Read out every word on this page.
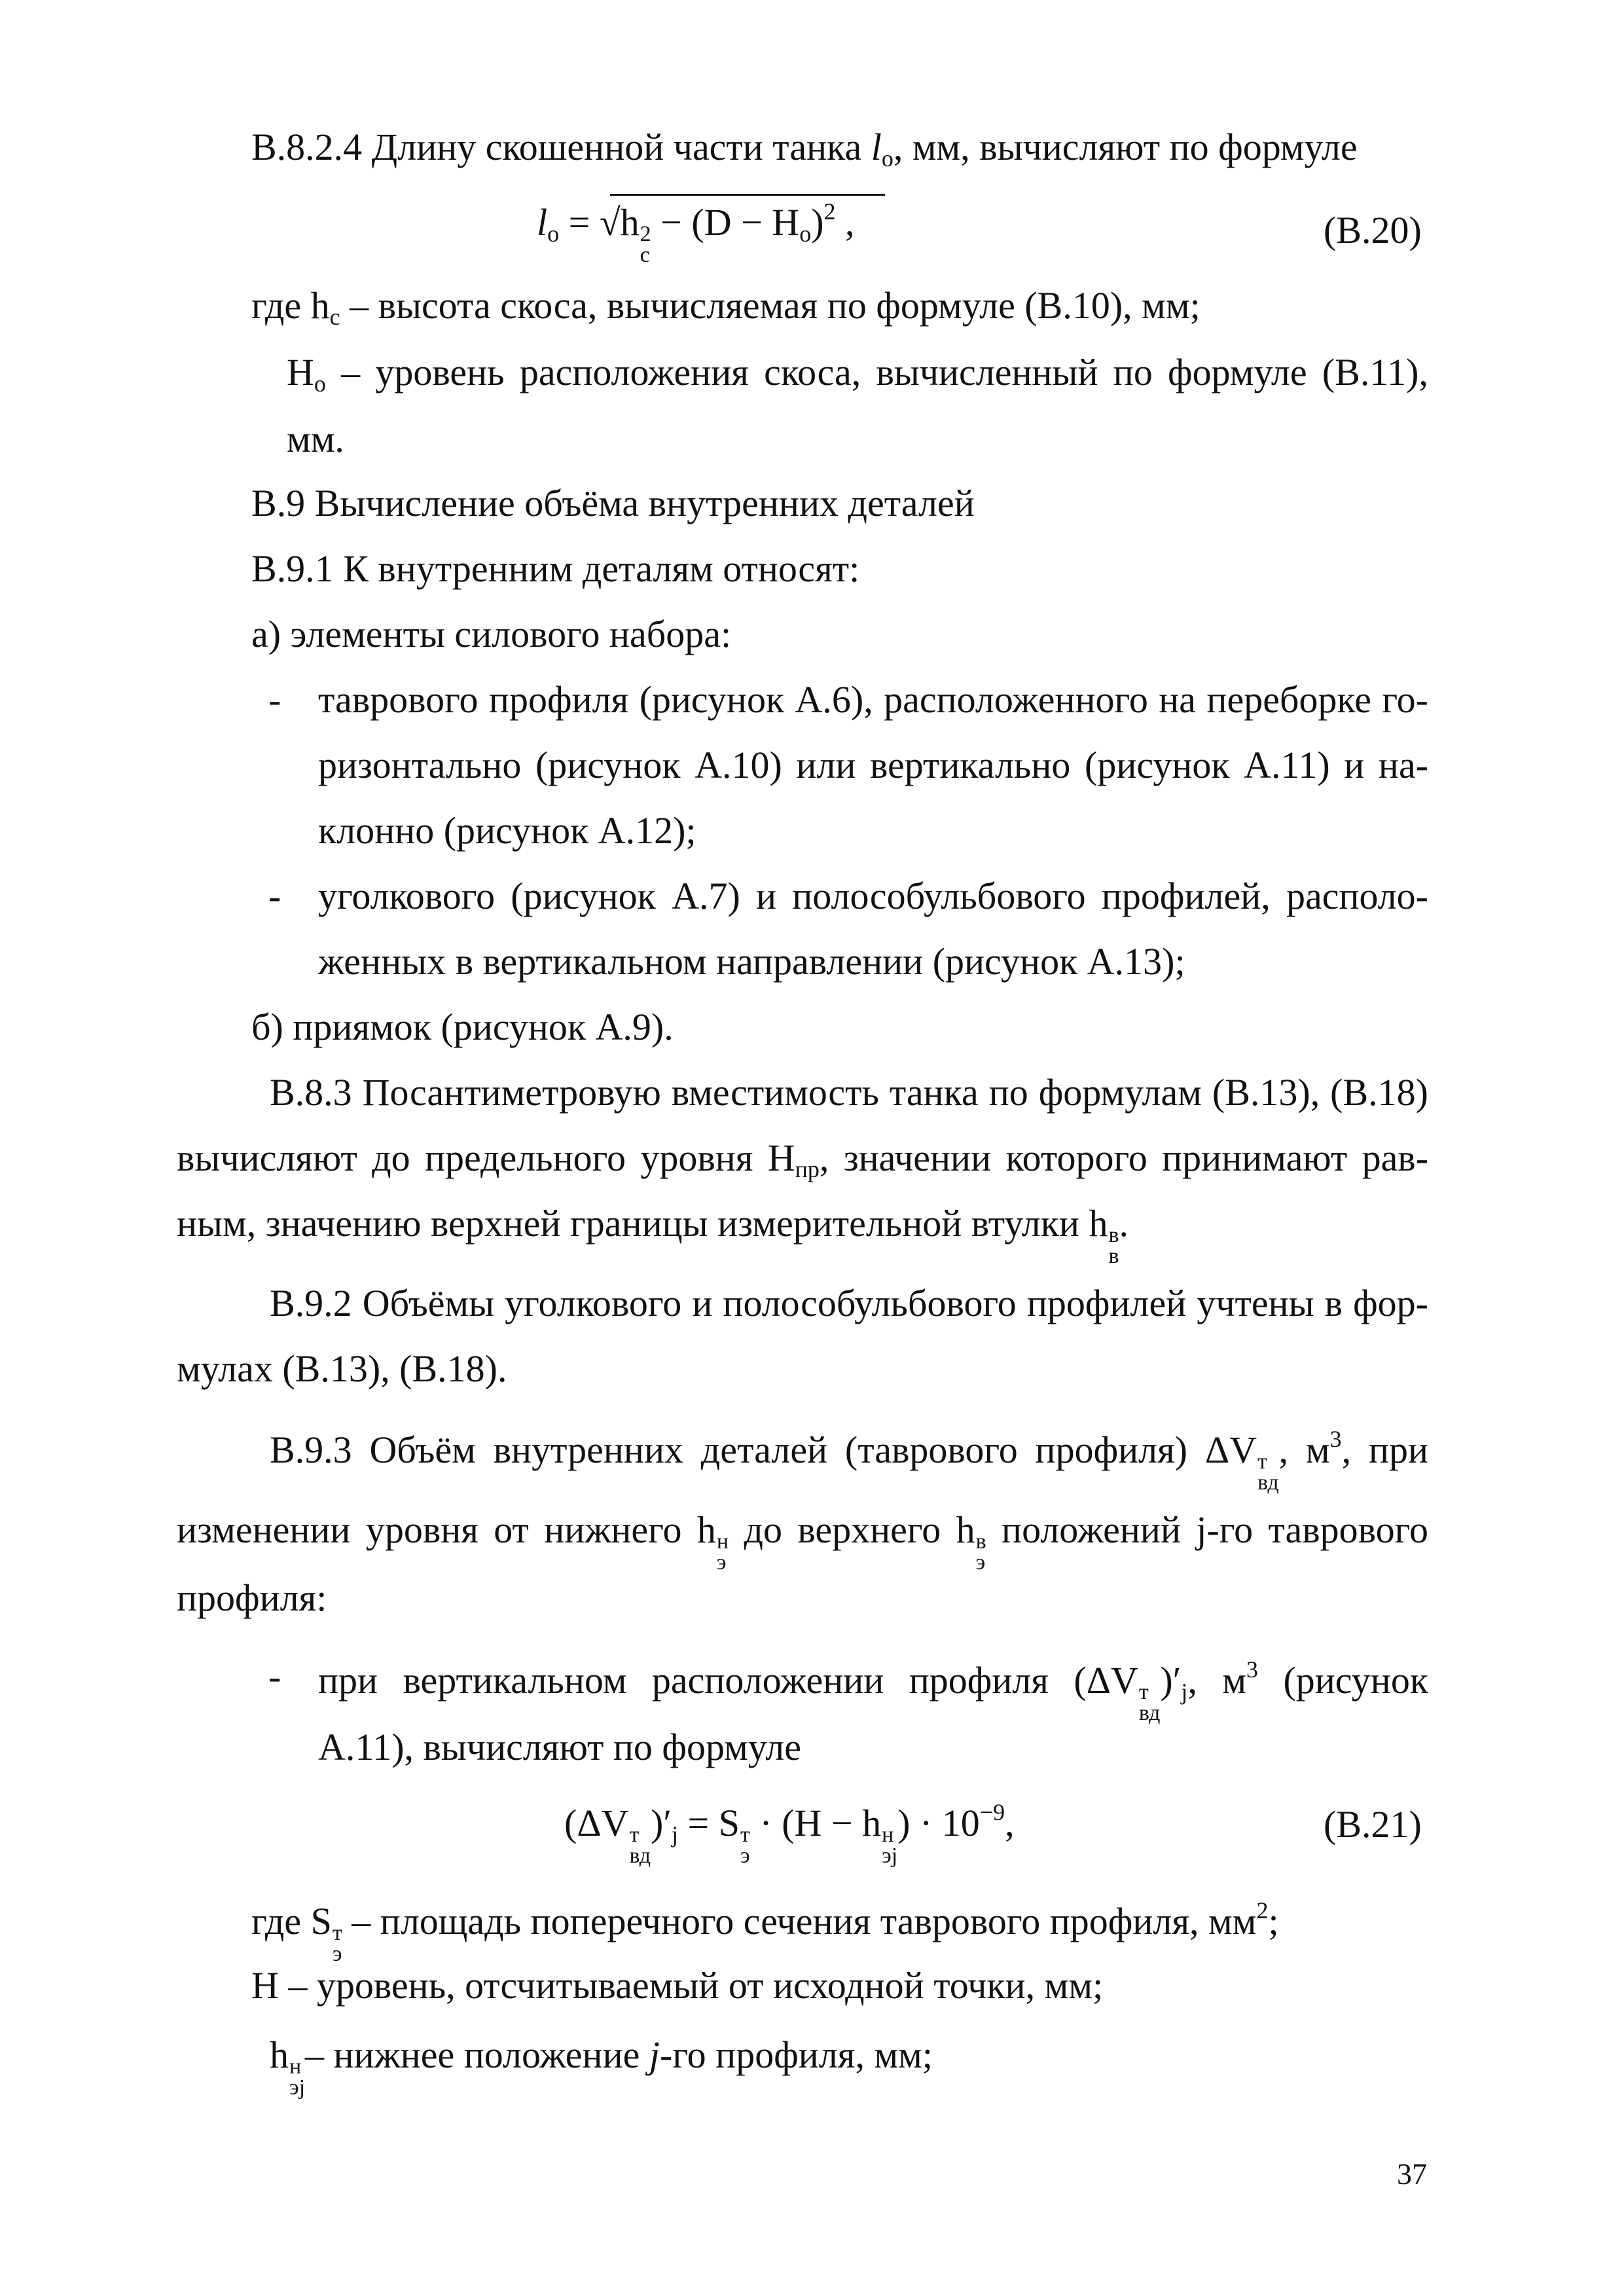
В.8.2.4 Длину скошенной части танка $l_о$, мм, вычисляют по формуле
$l_o = √h$ 2
c
− $(D - H_o)^2$ ,	(В.20)
где $h_c$ – высота скоса, вычисляемая по формуле (В.10), мм;
$H_o$ – уровень расположения скоса, вычисленный по формуле (В.11),
мм.
В.9 Вычисление объёма внутренних деталей
В.9.1 К внутренним деталям относят:
а) элементы силового набора:
- таврового профиля (рисунок А.6), расположенного на переборке го-
ризонтально (рисунок А.10) или вертикально (рисунок А.11) и на-
клонно (рисунок А.12);
- уголкового (рисунок А.7) и полособульбового профилей, располо-
женных в вертикальном направлении (рисунок А.13);
б) приямок (рисунок А.9).
В.8.3 Посантиметровую вместимость танка по формулам (В.13), (В.18)
вычисляют до предельного уровня $H_{пр}$, значении которого принимают рав-
ным, значению верхней границы измерительной втулки h в
в
.
В.9.2 Объёмы уголкового и полособульбового профилей учтены в фор-
мулах (В.13), (В.18).
В.9.3 Объём внутренних деталей (таврового профиля) ΔV т
вд
, $м^3$, при
изменении уровня от нижнего h н
э
до верхнего h в
э
положений j-го таврового
профиля:
- при вертикальном расположении профиля (ΔV т
вд
)$'_j$, $м^3$ (рисунок
А.11), вычисляют по формуле
(ΔV т
вд
)$'_j = S$ т
э
· (H − h н
эj
) · $10^{-9}$,	(В.21)
где S т
э
– площадь поперечного сечения таврового профиля, $мм^2$;
H – уровень, отсчитываемый от исходной точки, мм;
h н
эj
– нижнее положение j-го профиля, мм;
37
